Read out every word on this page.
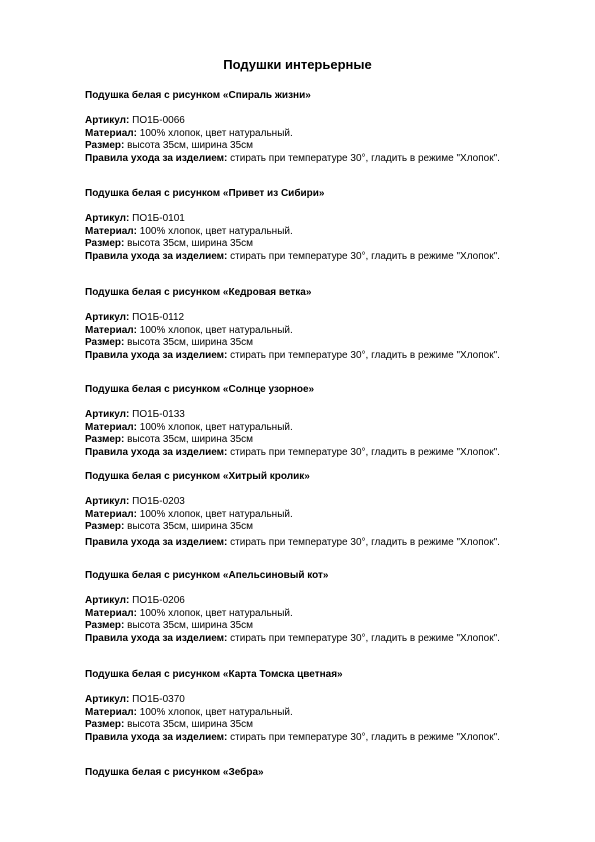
Подушки интерьерные
Подушка белая с рисунком «Спираль жизни»
Артикул: ПО1Б-0066
Материал: 100% хлопок, цвет натуральный.
Размер: высота 35см, ширина 35см
Правила ухода за изделием: стирать при температуре 30°, гладить в режиме "Хлопок".
Подушка белая с рисунком «Привет из Сибири»
Артикул: ПО1Б-0101
Материал: 100% хлопок, цвет натуральный.
Размер: высота 35см, ширина 35см
Правила ухода за изделием: стирать при температуре 30°, гладить в режиме "Хлопок".
Подушка белая с рисунком «Кедровая ветка»
Артикул: ПО1Б-0112
Материал: 100% хлопок, цвет натуральный.
Размер: высота 35см, ширина 35см
Правила ухода за изделием: стирать при температуре 30°, гладить в режиме "Хлопок".
Подушка белая с рисунком «Солнце узорное»
Артикул: ПО1Б-0133
Материал: 100% хлопок, цвет натуральный.
Размер: высота 35см, ширина 35см
Правила ухода за изделием: стирать при температуре 30°, гладить в режиме "Хлопок".
Подушка белая с рисунком «Хитрый кролик»
Артикул: ПО1Б-0203
Материал: 100% хлопок, цвет натуральный.
Размер: высота 35см, ширина 35см
Правила ухода за изделием: стирать при температуре 30°, гладить в режиме "Хлопок".
Подушка белая с рисунком «Апельсиновый кот»
Артикул: ПО1Б-0206
Материал: 100% хлопок, цвет натуральный.
Размер: высота 35см, ширина 35см
Правила ухода за изделием: стирать при температуре 30°, гладить в режиме "Хлопок".
Подушка белая с рисунком «Карта Томска цветная»
Артикул: ПО1Б-0370
Материал: 100% хлопок, цвет натуральный.
Размер: высота 35см, ширина 35см
Правила ухода за изделием: стирать при температуре 30°, гладить в режиме "Хлопок".
Подушка белая с рисунком «Зебра»
